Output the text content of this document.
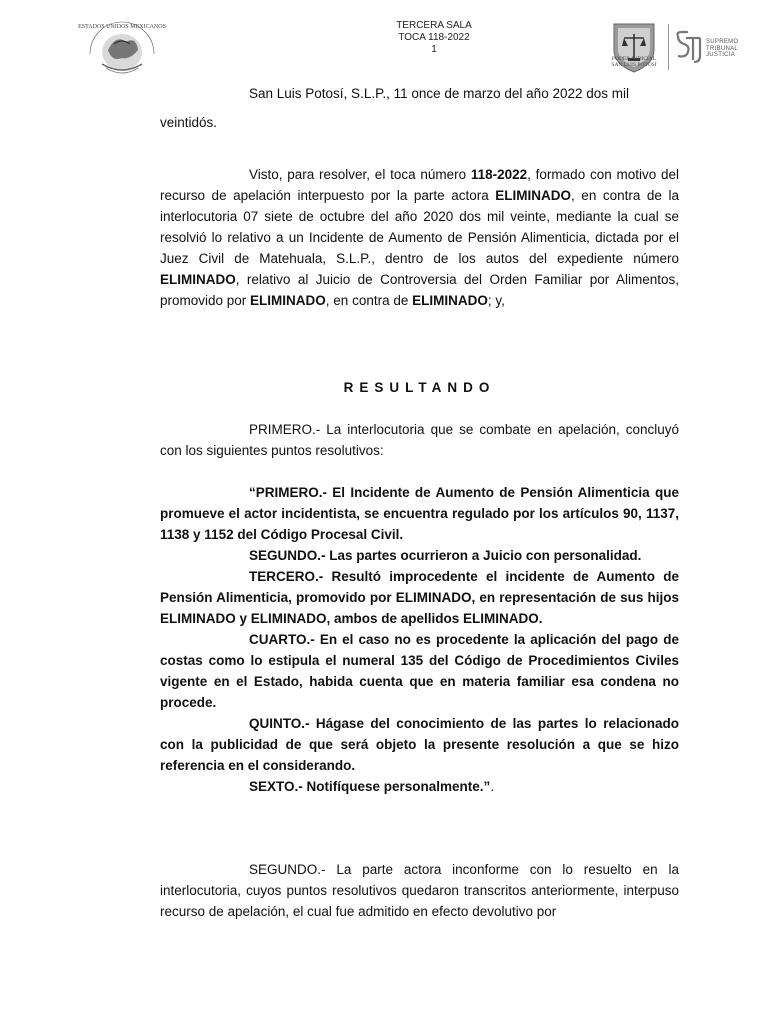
ESTADOS UNIDOS MEXICANOS	TERCERA SALA
TOCA 118-2022
1
PODER JUDICIAL
SAN LUIS POTOSÍ
SUPREMO
TRIBUNAL
JUSTICIA

San Luis Potosí, S.L.P., 11 once de marzo del año 2022 dos mil

veintidós.

Visto, para resolver, el toca número 118-2022, formado con motivo del recurso de apelación interpuesto por la parte actora ELIMINADO, en contra de la interlocutoria 07 siete de octubre del año 2020 dos mil veinte, mediante la cual se resolvió lo relativo a un Incidente de Aumento de Pensión Alimenticia, dictada por el Juez Civil de Matehuala, S.L.P., dentro de los autos del expediente número ELIMINADO, relativo al Juicio de Controversia del Orden Familiar por Alimentos, promovido por ELIMINADO, en contra de ELIMINADO; y,

RESULTANDO

PRIMERO.- La interlocutoria que se combate en apelación, concluyó con los siguientes puntos resolutivos:

“PRIMERO.- El Incidente de Aumento de Pensión Alimenticia que promueve el actor incidentista, se encuentra regulado por los artículos 90, 1137, 1138 y 1152 del Código Procesal Civil.

SEGUNDO.- Las partes ocurrieron a Juicio con personalidad.

TERCERO.- Resultó improcedente el incidente de Aumento de Pensión Alimenticia, promovido por ELIMINADO, en representación de sus hijos ELIMINADO y ELIMINADO, ambos de apellidos ELIMINADO.

CUARTO.- En el caso no es procedente la aplicación del pago de costas como lo estipula el numeral 135 del Código de Procedimientos Civiles vigente en el Estado, habida cuenta que en materia familiar esa condena no procede.

QUINTO.- Hágase del conocimiento de las partes lo relacionado con la publicidad de que será objeto la presente resolución a que se hizo referencia en el considerando.

SEXTO.- Notifíquese personalmente.”.

SEGUNDO.- La parte actora inconforme con lo resuelto en la interlocutoria, cuyos puntos resolutivos quedaron transcritos anteriormente, interpuso recurso de apelación, el cual fue admitido en efecto devolutivo por
